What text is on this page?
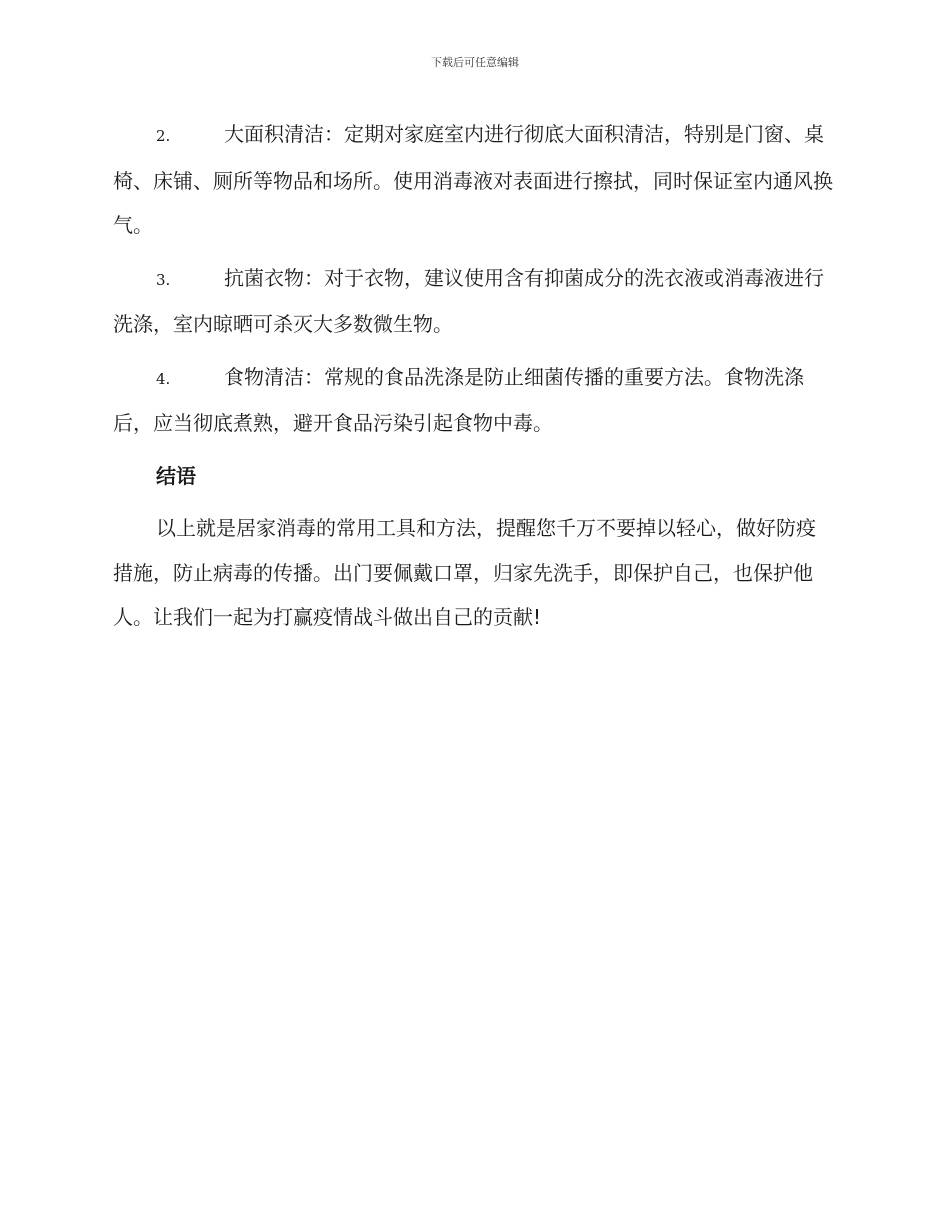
下载后可任意编辑

2.	大面积清洁：定期对家庭室内进行彻底大面积清洁，特别是门窗、桌椅、床铺、厕所等物品和场所。使用消毒液对表面进行擦拭，同时保证室内通风换气。

3.	抗菌衣物：对于衣物，建议使用含有抑菌成分的洗衣液或消毒液进行洗涤，室内晾晒可杀灭大多数微生物。

4.	食物清洁：常规的食品洗涤是防止细菌传播的重要方法。食物洗涤后，应当彻底煮熟，避开食品污染引起食物中毒。

结语

以上就是居家消毒的常用工具和方法，提醒您千万不要掉以轻心，做好防疫措施，防止病毒的传播。出门要佩戴口罩，归家先洗手，即保护自己，也保护他人。让我们一起为打赢疫情战斗做出自己的贡献!
